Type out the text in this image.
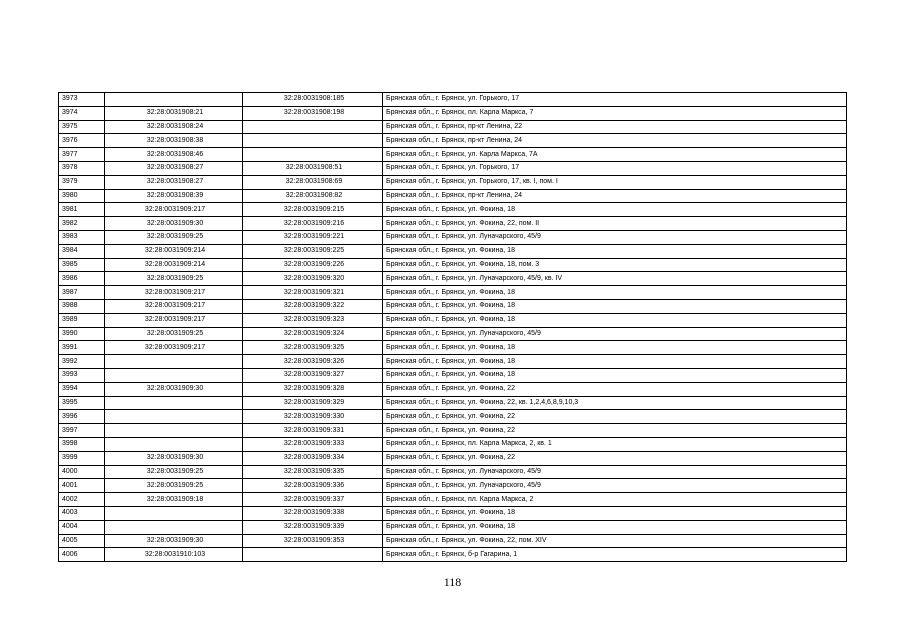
3973		32:28:0031908:185	Брянская обл., г. Брянск, ул. Горького, 17
3974	32:28:0031908:21	32:28:0031908:198	Брянская обл., г. Брянск, пл. Карла Маркса, 7
3975	32:28:0031908:24		Брянская обл., г. Брянск, пр-кт Ленина, 22
3976	32:28:0031908:38		Брянская обл., г. Брянск, пр-кт Ленина, 24
3977	32:28:0031908:46		Брянская обл., г. Брянск, ул. Карла Маркса, 7А
3978	32:28:0031908:27	32:28:0031908:51	Брянская обл., г. Брянск, ул. Горького, 17
3979	32:28:0031908:27	32:28:0031908:69	Брянская обл., г. Брянск, ул. Горького, 17, кв. I, пом. I
3980	32:28:0031908:39	32:28:0031908:82	Брянская обл., г. Брянск, пр-кт Ленина, 24
3981	32:28:0031909:217	32:28:0031909:215	Брянская обл., г. Брянск, ул. Фокина, 18
3982	32:28:0031909:30	32:28:0031909:216	Брянская обл., г. Брянск, ул. Фокина, 22, пом. II
3983	32:28:0031909:25	32:28:0031909:221	Брянская обл., г. Брянск, ул. Луначарского, 45/9
3984	32:28:0031909:214	32:28:0031909:225	Брянская обл., г. Брянск, ул. Фокина, 18
3985	32:28:0031909:214	32:28:0031909:226	Брянская обл., г. Брянск, ул. Фокина, 18, пом. 3
3986	32:28:0031909:25	32:28:0031909:320	Брянская обл., г. Брянск, ул. Луначарского, 45/9, кв. IV
3987	32:28:0031909:217	32:28:0031909:321	Брянская обл., г. Брянск, ул. Фокина, 18
3988	32:28:0031909:217	32:28:0031909:322	Брянская обл., г. Брянск, ул. Фокина, 18
3989	32:28:0031909:217	32:28:0031909:323	Брянская обл., г. Брянск, ул. Фокина, 18
3990	32:28:0031909:25	32:28:0031909:324	Брянская обл., г. Брянск, ул. Луначарского, 45/9
3991	32:28:0031909:217	32:28:0031909:325	Брянская обл., г. Брянск, ул. Фокина, 18
3992		32:28:0031909:326	Брянская обл., г. Брянск, ул. Фокина, 18
3993		32:28:0031909:327	Брянская обл., г. Брянск, ул. Фокина, 18
3994	32:28:0031909:30	32:28:0031909:328	Брянская обл., г. Брянск, ул. Фокина, 22
3995		32:28:0031909:329	Брянская обл., г. Брянск, ул. Фокина, 22, кв. 1,2,4,6,8,9,10,3
3996		32:28:0031909:330	Брянская обл., г. Брянск, ул. Фокина, 22
3997		32:28:0031909:331	Брянская обл., г. Брянск, ул. Фокина, 22
3998		32:28:0031909:333	Брянская обл., г. Брянск, пл. Карла Маркса, 2, кв. 1
3999	32:28:0031909:30	32:28:0031909:334	Брянская обл., г. Брянск, ул. Фокина, 22
4000	32:28:0031909:25	32:28:0031909:335	Брянская обл., г. Брянск, ул. Луначарского, 45/9
4001	32:28:0031909:25	32:28:0031909:336	Брянская обл., г. Брянск, ул. Луначарского, 45/9
4002	32:28:0031909:18	32:28:0031909:337	Брянская обл., г. Брянск, пл. Карла Маркса, 2
4003		32:28:0031909:338	Брянская обл., г. Брянск, ул. Фокина, 18
4004		32:28:0031909:339	Брянская обл., г. Брянск, ул. Фокина, 18
4005	32:28:0031909:30	32:28:0031909:353	Брянская обл., г. Брянск, ул. Фокина, 22, пом. XIV
4006	32:28:0031910:103		Брянская обл., г. Брянск, б-р Гагарина, 1
118
